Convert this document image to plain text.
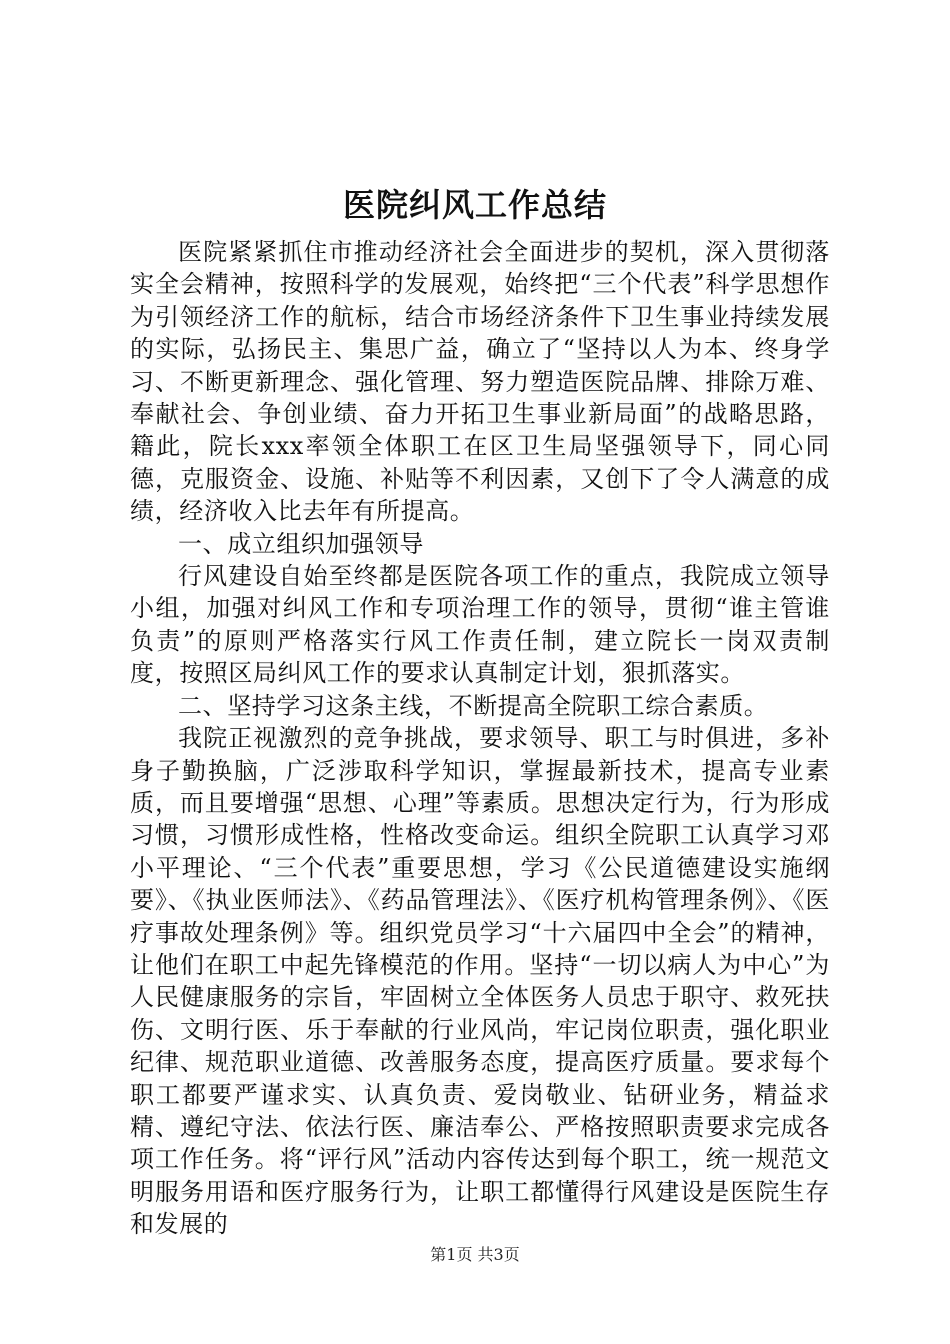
医院纠风工作总结

医院紧紧抓住市推动经济社会全面进步的契机，深入贯彻落实全会精神，按照科学的发展观，始终把“三个代表”科学思想作为引领经济工作的航标，结合市场经济条件下卫生事业持续发展的实际，弘扬民主、集思广益，确立了“坚持以人为本、终身学习、不断更新理念、强化管理、努力塑造医院品牌、排除万难、奉献社会、争创业绩、奋力开拓卫生事业新局面”的战略思路，籍此，院长xxx率领全体职工在区卫生局坚强领导下，同心同德，克服资金、设施、补贴等不利因素，又创下了令人满意的成绩，经济收入比去年有所提高。

一、成立组织加强领导

行风建设自始至终都是医院各项工作的重点，我院成立领导小组，加强对纠风工作和专项治理工作的领导，贯彻“谁主管谁负责”的原则严格落实行风工作责任制，建立院长一岗双责制度，按照区局纠风工作的要求认真制定计划，狠抓落实。

二、坚持学习这条主线，不断提高全院职工综合素质。

我院正视激烈的竞争挑战，要求领导、职工与时俱进，多补身子勤换脑，广泛涉取科学知识，掌握最新技术，提高专业素质，而且要增强“思想、心理”等素质。思想决定行为，行为形成习惯，习惯形成性格，性格改变命运。组织全院职工认真学习邓小平理论、“三个代表”重要思想，学习《公民道德建设实施纲要》、《执业医师法》、《药品管理法》、《医疗机构管理条例》、《医疗事故处理条例》等。组织党员学习“十六届四中全会”的精神，让他们在职工中起先锋模范的作用。坚持“一切以病人为中心”为人民健康服务的宗旨，牢固树立全体医务人员忠于职守、救死扶伤、文明行医、乐于奉献的行业风尚，牢记岗位职责，强化职业纪律、规范职业道德、改善服务态度，提高医疗质量。要求每个职工都要严谨求实、认真负责、爱岗敬业、钻研业务，精益求精、遵纪守法、依法行医、廉洁奉公、严格按照职责要求完成各项工作任务。将“评行风”活动内容传达到每个职工，统一规范文明服务用语和医疗服务行为，让职工都懂得行风建设是医院生存和发展的

第1页 共3页
